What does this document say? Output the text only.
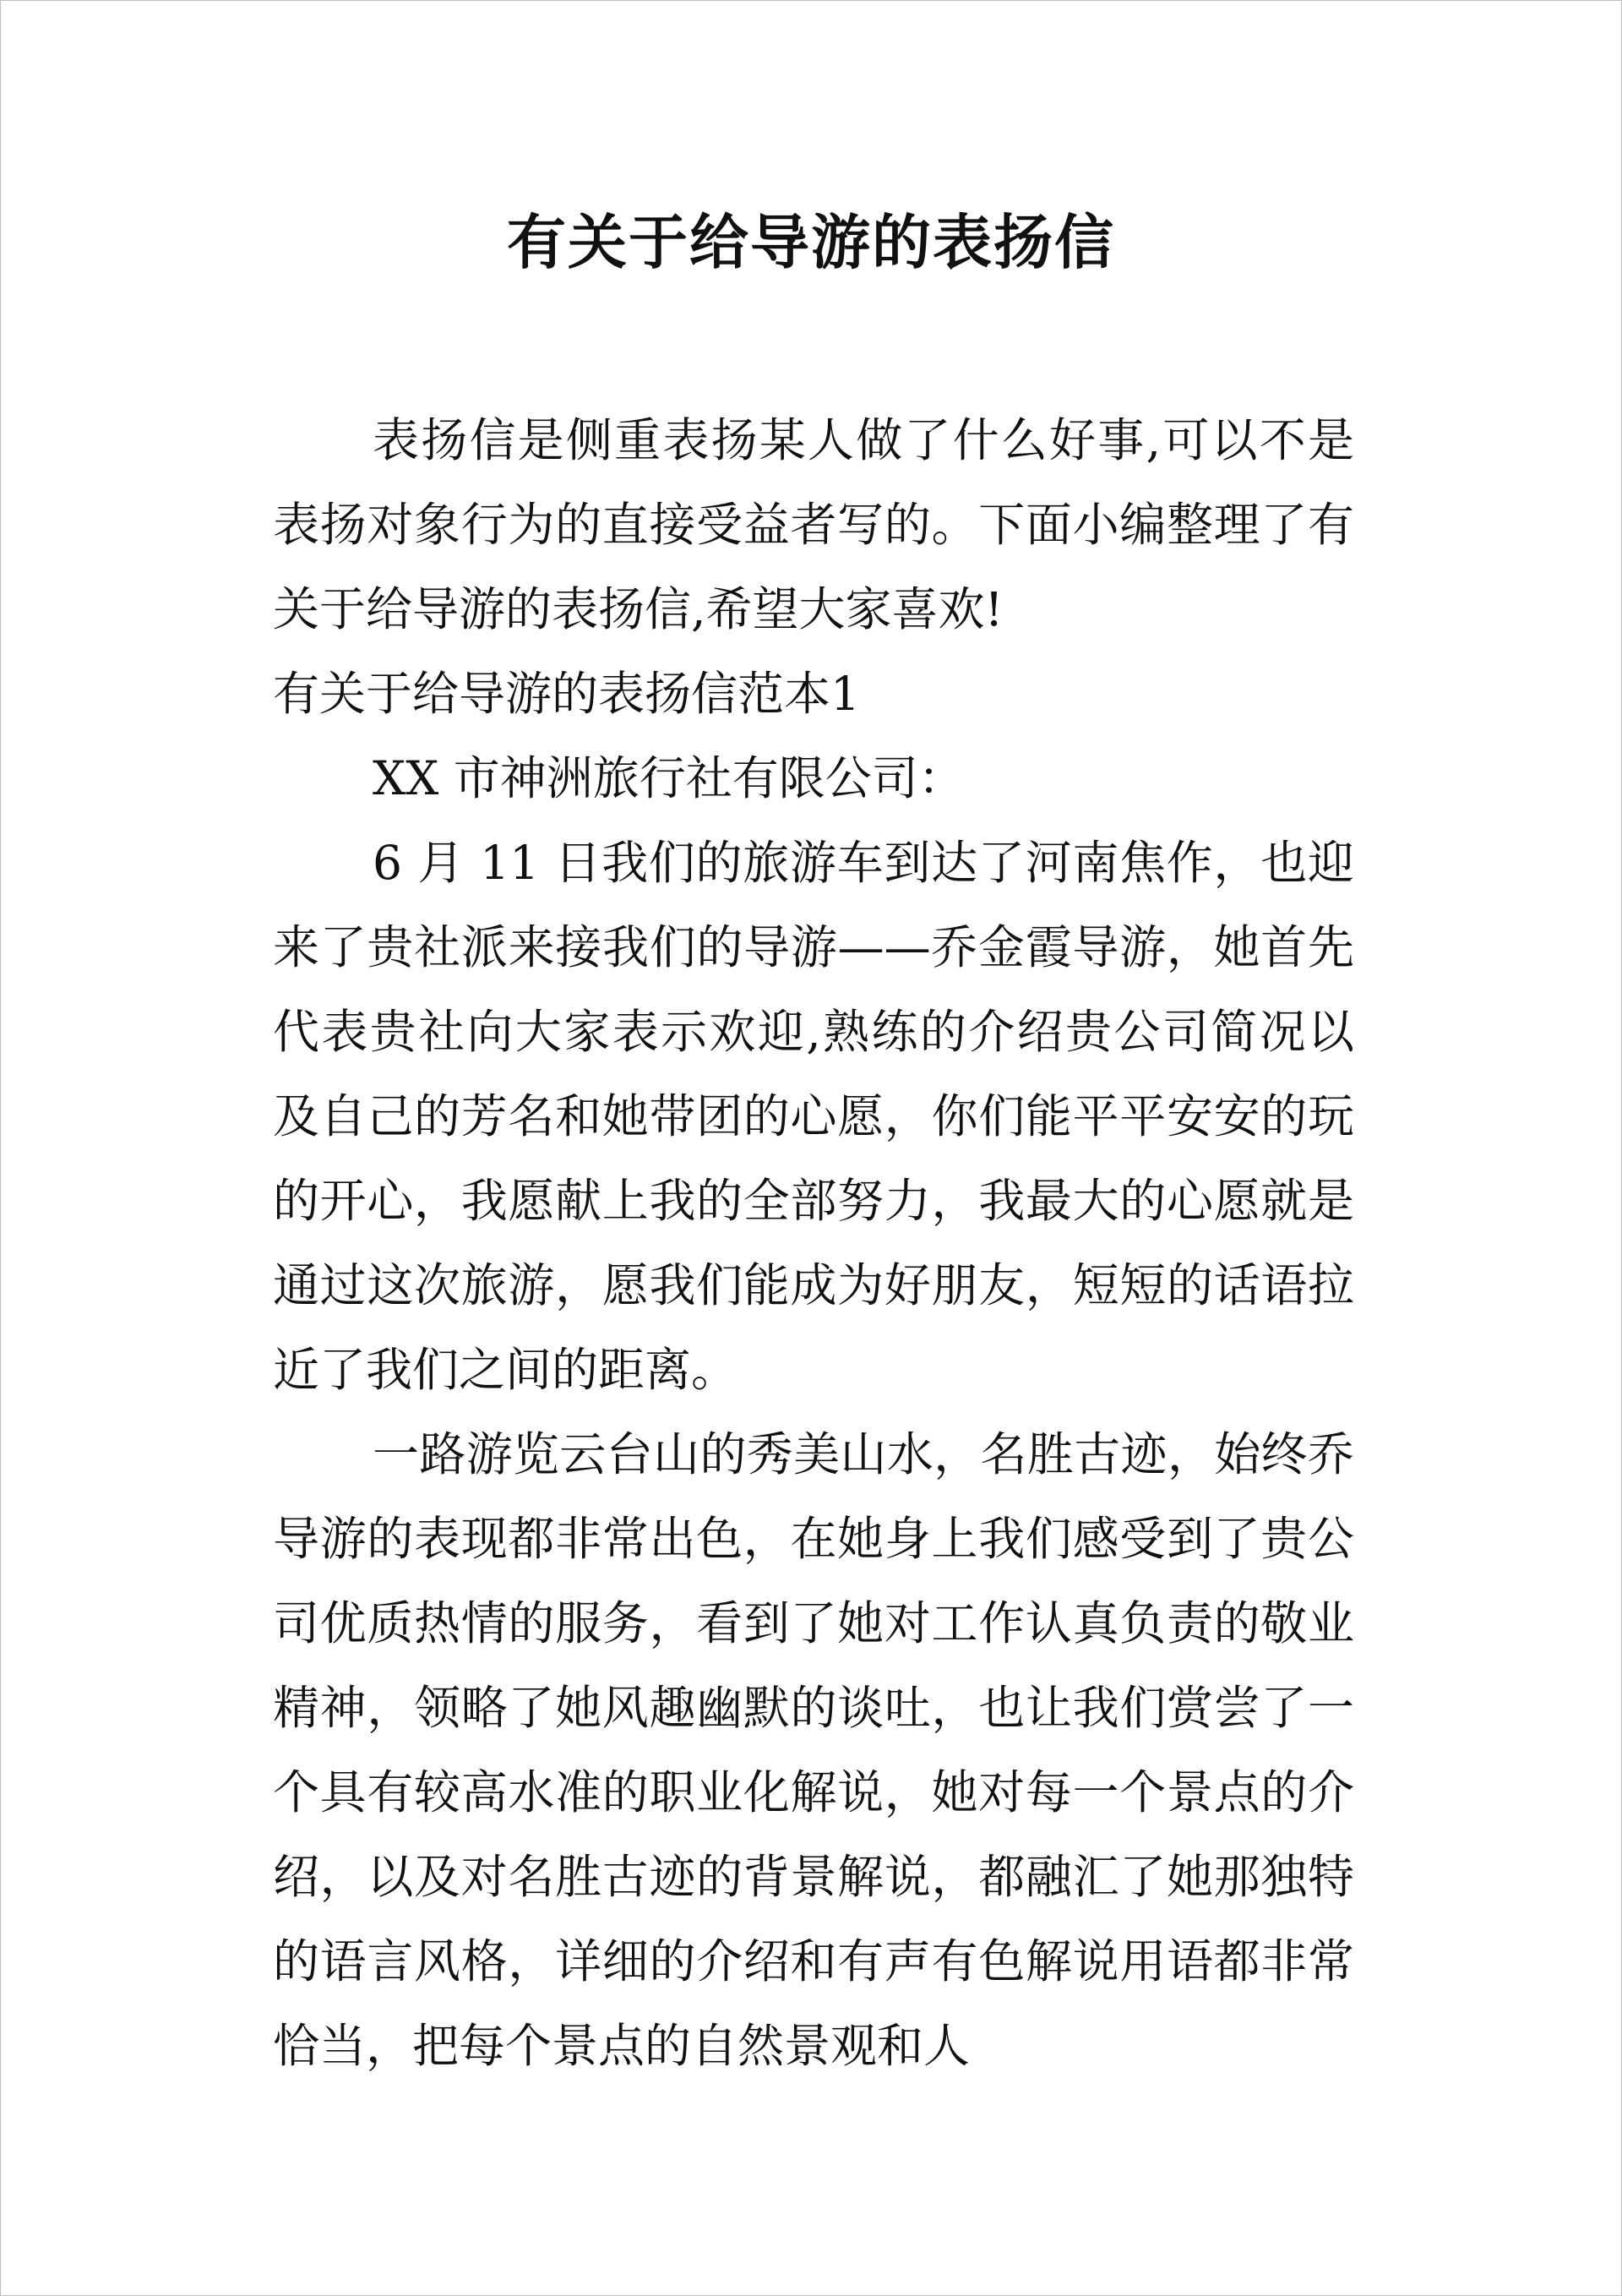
有关于给导游的表扬信

表扬信是侧重表扬某人做了什么好事,可以不是表扬对象行为的直接受益者写的。下面小编整理了有关于给导游的表扬信,希望大家喜欢!

有关于给导游的表扬信范本1

XX 市神洲旅行社有限公司：

6 月 11 日我们的旅游车到达了河南焦作，也迎来了贵社派来接我们的导游——乔金霞导游，她首先代表贵社向大家表示欢迎,熟练的介绍贵公司简况以及自己的芳名和她带团的心愿，你们能平平安安的玩的开心，我愿献上我的全部努力，我最大的心愿就是通过这次旅游，愿我们能成为好朋友，短短的话语拉近了我们之间的距离。

一路游览云台山的秀美山水，名胜古迹，始终乔导游的表现都非常出色，在她身上我们感受到了贵公司优质热情的服务，看到了她对工作认真负责的敬业精神，领略了她风趣幽默的谈吐，也让我们赏尝了一个具有较高水准的职业化解说，她对每一个景点的介绍，以及对名胜古迹的背景解说，都融汇了她那独特的语言风格，详细的介绍和有声有色解说用语都非常恰当，把每个景点的自然景观和人
